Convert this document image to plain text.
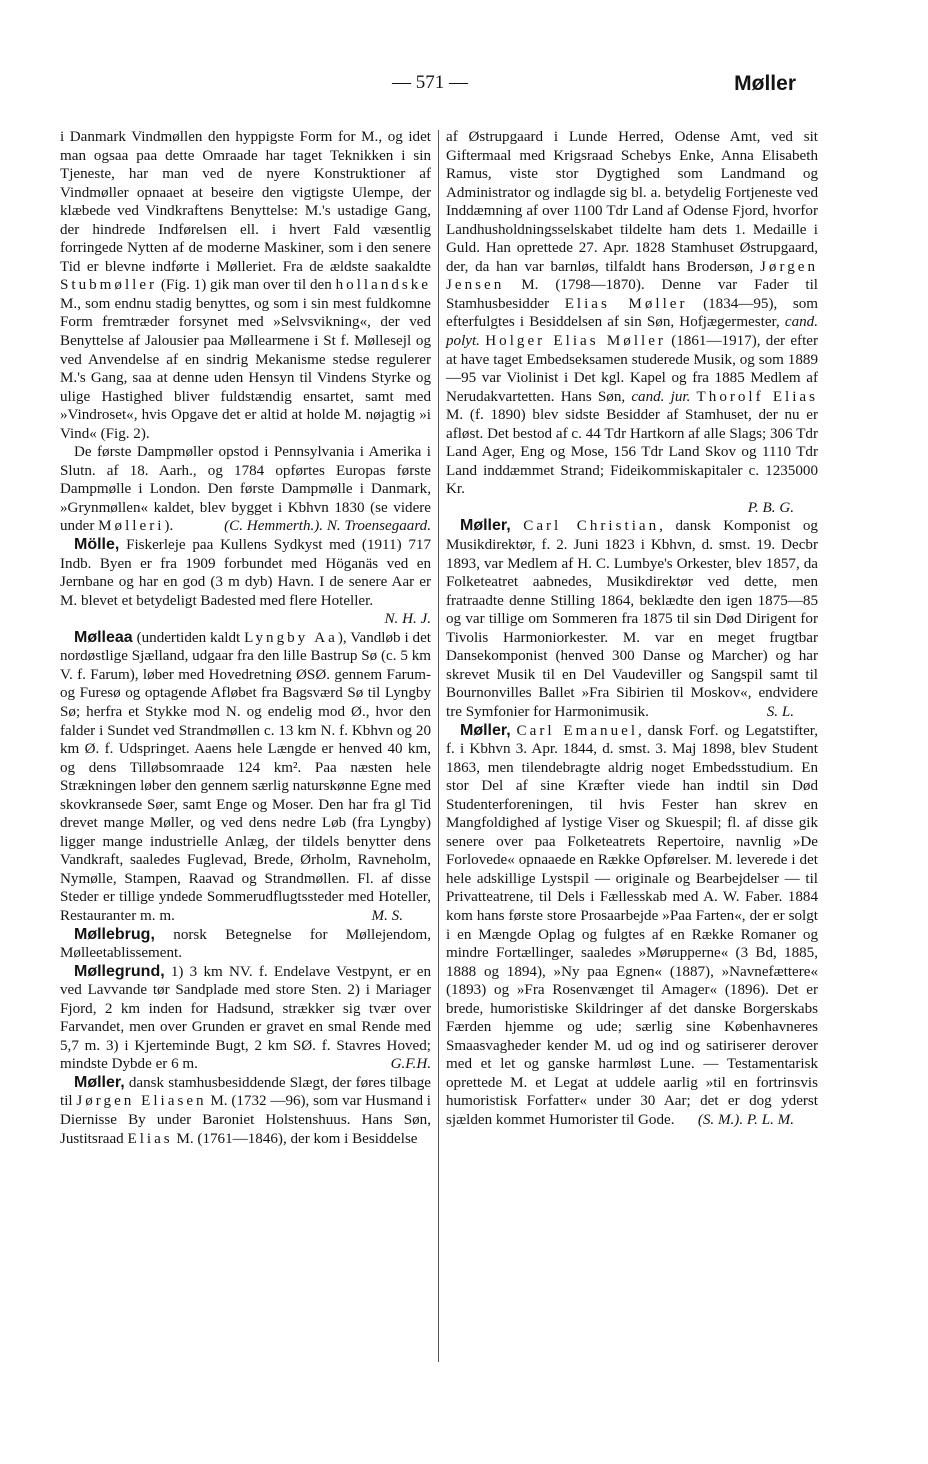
— 571 —	Møller

i Danmark Vindmøllen den hyppigste Form for M., og idet man ogsaa paa dette Omraade har taget Teknikken i sin Tjeneste, har man ved de nyere Konstruktioner af Vindmøller opnaaet at beseire den vigtigste Ulempe, der klæbede ved Vindkraftens Benyttelse: M.'s ustadige Gang, der hindrede Indførelsen ell. i hvert Fald væsentlig forringede Nytten af de moderne Maskiner, som i den senere Tid er blevne indførte i Mølleriet. Fra de ældste saakaldte Stubmøller (Fig. 1) gik man over til den hollandske M., som endnu stadig benyttes, og som i sin mest fuldkomne Form fremtræder forsynet med »Selvsvikning«, der ved Benyttelse af Jalousier paa Møllearmene i St f. Møllesejl og ved Anvendelse af en sindrig Mekanisme stedse regulerer M.'s Gang, saa at denne uden Hensyn til Vindens Styrke og ulige Hastighed bliver fuldstændig ensartet, samt med »Vindroset«, hvis Opgave det er altid at holde M. nøjagtig »i Vind« (Fig. 2).

De første Dampmøller opstod i Pennsylvania i Amerika i Slutn. af 18. Aarh., og 1784 opførtes Europas første Dampmølle i London. Den første Dampmølle i Danmark, »Grynmøllen« kaldet, blev bygget i Kbhvn 1830 (se videre under Mølleri).	(C. Hemmerth.). N. Troensegaard.

Mölle, Fiskerleje paa Kullens Sydkyst med (1911) 717 Indb. Byen er fra 1909 forbundet med Höganäs ved en Jernbane og har en god (3 m dyb) Havn. I de senere Aar er M. blevet et betydeligt Badested med flere Hoteller.
N. H. J.

Mølleaa (undertiden kaldt Lyngby Aa), Vandløb i det nordøstlige Sjælland, udgaar fra den lille Bastrup Sø (c. 5 km V. f. Farum), løber med Hovedretning ØSØ. gennem Farum- og Furesø og optagende Afløbet fra Bagsværd Sø til Lyngby Sø; herfra et Stykke mod N. og endelig mod Ø., hvor den falder i Sundet ved Strandmøllen c. 13 km N. f. Kbhvn og 20 km Ø. f. Udspringet. Aaens hele Længde er henved 40 km, og dens Tilløbsomraade 124 km². Paa næsten hele Strækningen løber den gennem særlig naturskønne Egne med skovkransede Søer, samt Enge og Moser. Den har fra gl Tid drevet mange Møller, og ved dens nedre Løb (fra Lyngby) ligger mange industrielle Anlæg, der tildels benytter dens Vandkraft, saaledes Fuglevad, Brede, Ørholm, Ravneholm, Nymølle, Stampen, Raavad og Strandmøllen. Fl. af disse Steder er tillige yndede Sommerudflugtssteder med Hoteller, Restauranter m. m.	M. S.

Møllebrug, norsk Betegnelse for Møllejendom, Mølleetablissement.

Møllegrund, 1) 3 km NV. f. Endelave Vestpynt, er en ved Lavvande tør Sandplade med store Sten. 2) i Mariager Fjord, 2 km inden for Hadsund, strækker sig tvær over Farvandet, men over Grunden er gravet en smal Rende med 5,7 m. 3) i Kjerteminde Bugt, 2 km SØ. f. Stavres Hoved; mindste Dybde er 6 m.	G.F.H.

Møller, dansk stamhusbesiddende Slægt, der føres tilbage til Jørgen Eliasen M. (1732 —96), som var Husmand i Diernisse By under Baroniet Holstenshuus. Hans Søn, Justitsraad Elias M. (1761—1846), der kom i Besiddelse

af Østrupgaard i Lunde Herred, Odense Amt, ved sit Giftermaal med Krigsraad Schebys Enke, Anna Elisabeth Ramus, viste stor Dygtighed som Landmand og Administrator og indlagde sig bl. a. betydelig Fortjeneste ved Inddæmning af over 1100 Tdr Land af Odense Fjord, hvorfor Landhusholdningsselskabet tildelte ham dets 1. Medaille i Guld. Han oprettede 27. Apr. 1828 Stamhuset Østrupgaard, der, da han var barnløs, tilfaldt hans Brodersøn, Jørgen Jensen M. (1798—1870). Denne var Fader til Stamhusbesidder Elias Møller (1834—95), som efterfulgtes i Besiddelsen af sin Søn, Hofjægermester, cand. polyt. Holger Elias Møller (1861—1917), der efter at have taget Embedseksamen studerede Musik, og som 1889—95 var Violinist i Det kgl. Kapel og fra 1885 Medlem af Nerudakvartetten. Hans Søn, cand. jur. Thorolf Elias M. (f. 1890) blev sidste Besidder af Stamhuset, der nu er afløst. Det bestod af c. 44 Tdr Hartkorn af alle Slags; 306 Tdr Land Ager, Eng og Mose, 156 Tdr Land Skov og 1110 Tdr Land inddæmmet Strand; Fideikommiskapitaler c. 1235000 Kr.
P. B. G.

Møller, Carl Christian, dansk Komponist og Musikdirektør, f. 2. Juni 1823 i Kbhvn, d. smst. 19. Decbr 1893, var Medlem af H. C. Lumbye's Orkester, blev 1857, da Folketeatret aabnedes, Musikdirektør ved dette, men fratraadte denne Stilling 1864, beklædte den igen 1875—85 og var tillige om Sommeren fra 1875 til sin Død Dirigent for Tivolis Harmoniorkester. M. var en meget frugtbar Dansekomponist (henved 300 Danse og Marcher) og har skrevet Musik til en Del Vaudeviller og Sangspil samt til Bournonvilles Ballet »Fra Sibirien til Moskov«, endvidere tre Symfonier for Harmonimusik.	S. L.

Møller, Carl Emanuel, dansk Forf. og Legatstifter, f. i Kbhvn 3. Apr. 1844, d. smst. 3. Maj 1898, blev Student 1863, men tilendebragte aldrig noget Embedsstudium. En stor Del af sine Kræfter viede han indtil sin Død Studenterforeningen, til hvis Fester han skrev en Mangfoldighed af lystige Viser og Skuespil; fl. af disse gik senere over paa Folketeatrets Repertoire, navnlig »De Forlovede« opnaaede en Række Opførelser. M. leverede i det hele adskillige Lystspil — originale og Bearbejdelser — til Privatteatrene, til Dels i Fællesskab med A. W. Faber. 1884 kom hans første store Prosaarbejde »Paa Farten«, der er solgt i en Mængde Oplag og fulgtes af en Række Romaner og mindre Fortællinger, saaledes »Mørupperne« (3 Bd, 1885, 1888 og 1894), »Ny paa Egnen« (1887), »Navnefættere« (1893) og »Fra Rosenvænget til Amager« (1896). Det er brede, humoristiske Skildringer af det danske Borgerskabs Færden hjemme og ude; særlig sine Københavneres Smaasvagheder kender M. ud og ind og satiriserer derover med et let og ganske harmløst Lune. — Testamentarisk oprettede M. et Legat at uddele aarlig »til en fortrinsvis humoristisk Forfatter« under 30 Aar; det er dog yderst sjælden kommet Humorister til Gode.	(S. M.). P. L. M.
